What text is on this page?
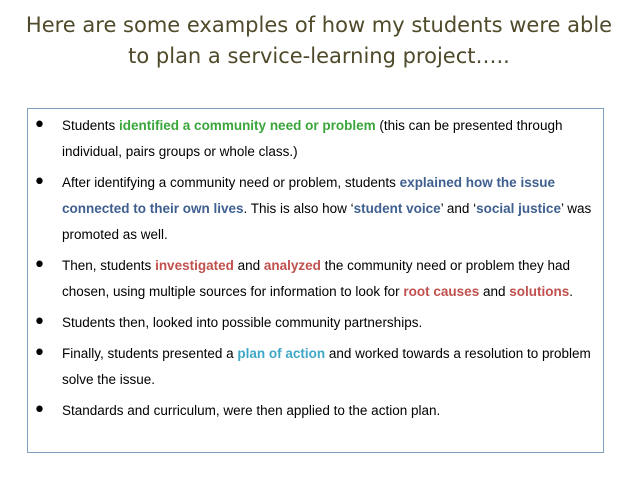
Here are some examples of how my students were able to plan a service-learning project…..
• Students identified a community need or problem (this can be presented through individual, pairs groups or whole class.)
• After identifying a community need or problem, students explained how the issue connected to their own lives. This is also how ‘student voice’ and ‘social justice’ was promoted as well.
• Then, students investigated and analyzed the community need or problem they had chosen, using multiple sources for information to look for root causes and solutions.
• Students then, looked into possible community partnerships.
• Finally, students presented a plan of action and worked towards a resolution to problem solve the issue.
• Standards and curriculum, were then applied to the action plan.
